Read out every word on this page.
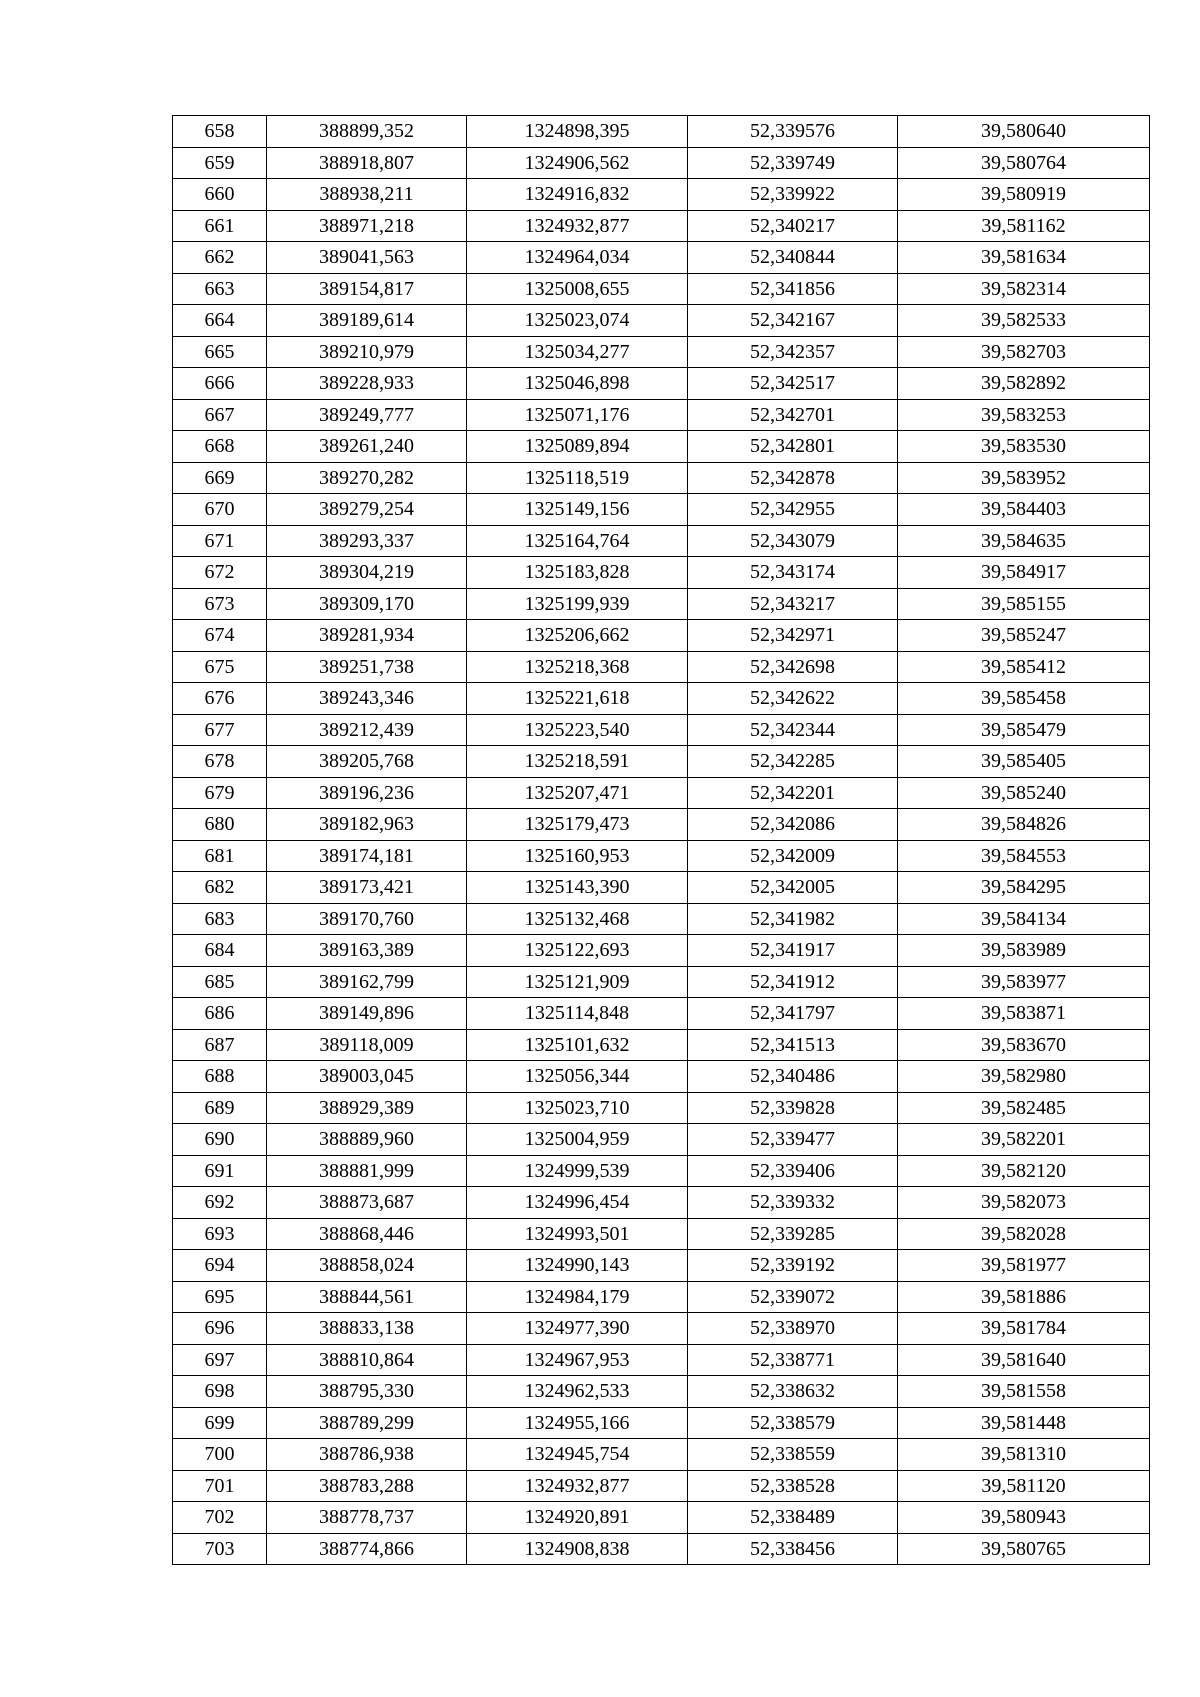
658	388899,352	1324898,395	52,339576	39,580640
659	388918,807	1324906,562	52,339749	39,580764
660	388938,211	1324916,832	52,339922	39,580919
661	388971,218	1324932,877	52,340217	39,581162
662	389041,563	1324964,034	52,340844	39,581634
663	389154,817	1325008,655	52,341856	39,582314
664	389189,614	1325023,074	52,342167	39,582533
665	389210,979	1325034,277	52,342357	39,582703
666	389228,933	1325046,898	52,342517	39,582892
667	389249,777	1325071,176	52,342701	39,583253
668	389261,240	1325089,894	52,342801	39,583530
669	389270,282	1325118,519	52,342878	39,583952
670	389279,254	1325149,156	52,342955	39,584403
671	389293,337	1325164,764	52,343079	39,584635
672	389304,219	1325183,828	52,343174	39,584917
673	389309,170	1325199,939	52,343217	39,585155
674	389281,934	1325206,662	52,342971	39,585247
675	389251,738	1325218,368	52,342698	39,585412
676	389243,346	1325221,618	52,342622	39,585458
677	389212,439	1325223,540	52,342344	39,585479
678	389205,768	1325218,591	52,342285	39,585405
679	389196,236	1325207,471	52,342201	39,585240
680	389182,963	1325179,473	52,342086	39,584826
681	389174,181	1325160,953	52,342009	39,584553
682	389173,421	1325143,390	52,342005	39,584295
683	389170,760	1325132,468	52,341982	39,584134
684	389163,389	1325122,693	52,341917	39,583989
685	389162,799	1325121,909	52,341912	39,583977
686	389149,896	1325114,848	52,341797	39,583871
687	389118,009	1325101,632	52,341513	39,583670
688	389003,045	1325056,344	52,340486	39,582980
689	388929,389	1325023,710	52,339828	39,582485
690	388889,960	1325004,959	52,339477	39,582201
691	388881,999	1324999,539	52,339406	39,582120
692	388873,687	1324996,454	52,339332	39,582073
693	388868,446	1324993,501	52,339285	39,582028
694	388858,024	1324990,143	52,339192	39,581977
695	388844,561	1324984,179	52,339072	39,581886
696	388833,138	1324977,390	52,338970	39,581784
697	388810,864	1324967,953	52,338771	39,581640
698	388795,330	1324962,533	52,338632	39,581558
699	388789,299	1324955,166	52,338579	39,581448
700	388786,938	1324945,754	52,338559	39,581310
701	388783,288	1324932,877	52,338528	39,581120
702	388778,737	1324920,891	52,338489	39,580943
703	388774,866	1324908,838	52,338456	39,580765
